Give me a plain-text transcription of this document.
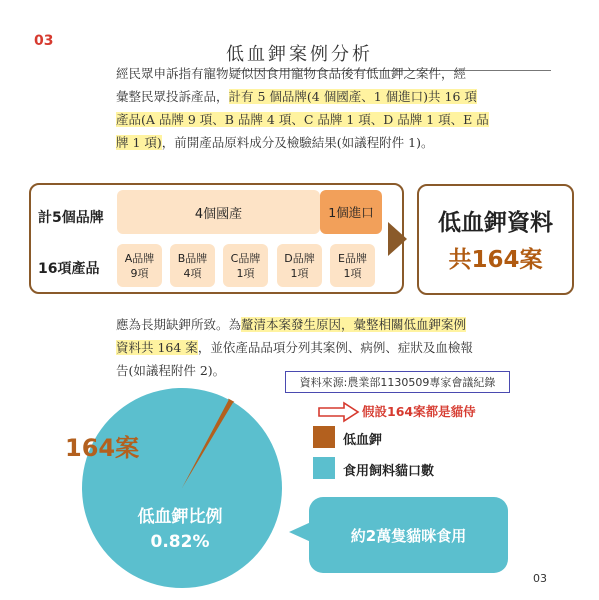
03
低血鉀案例分析
經民眾申訴指有寵物疑似因食用寵物食品後有低血鉀之案件，經
彙整民眾投訴產品，計有 5 個品牌(4 個國產、1 個進口)共 16 項
產品(A 品牌 9 項、B 品牌 4 項、C 品牌 1 項、D 品牌 1 項、E 品
牌 1 項)，前開產品原料成分及檢驗結果(如議程附件 1)。
計5個品牌
16項產品
4個國產	1個進口
A品牌
9項
B品牌
4項
C品牌
1項
D品牌
1項
E品牌
1項
低血鉀資料
共164案
應為長期缺鉀所致。為釐清本案發生原因，彙整相關低血鉀案例
資料共 164 案，並依產品品項分列其案例、病例、症狀及血檢報
告(如議程附件 2)。
資料來源:農業部1130509專家會議紀錄
假設164案都是貓侍
164案
低血鉀比例
0.82%
低血鉀
食用飼料貓口數
約2萬隻貓咪食用
03
